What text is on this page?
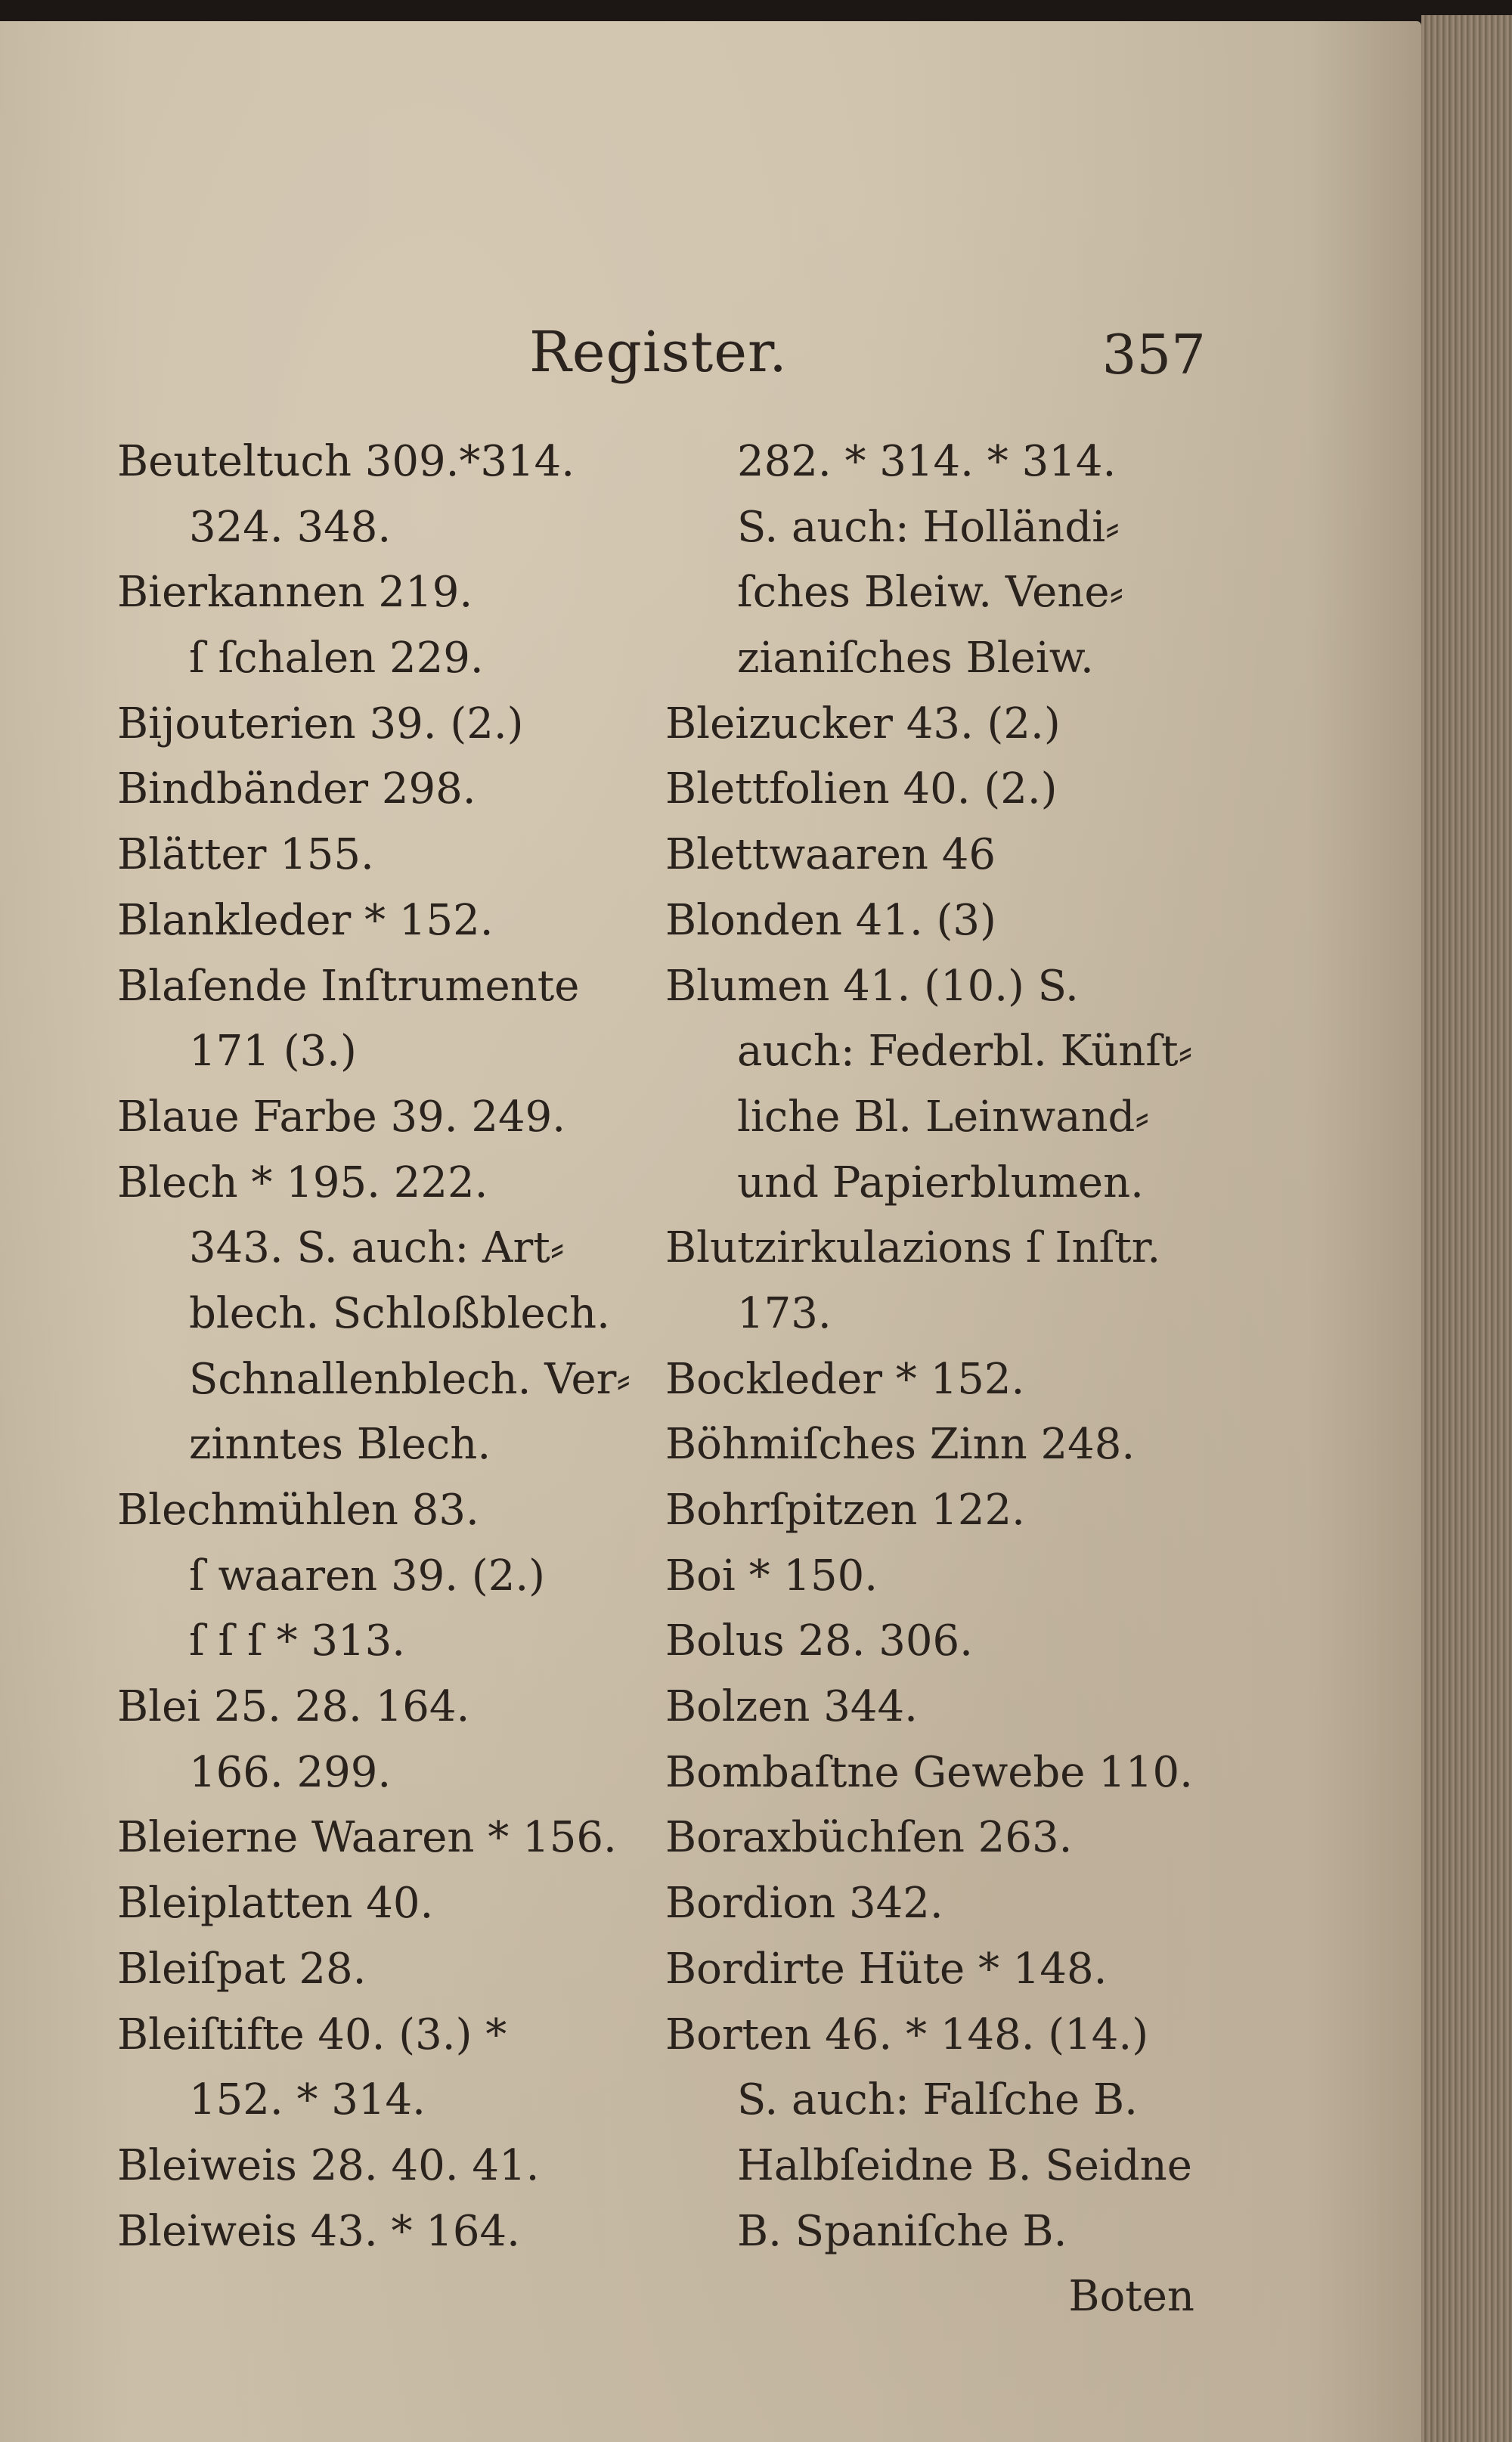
Register.	357
Beuteltuch 309.*314.
324. 348.
Bierkannen 219.
ſ ſchalen 229.
Bijouterien 39. (2.)
Bindbänder 298.
Blätter 155.
Blankleder * 152.
Blaſende Inſtrumente
171 (3.)
Blaue Farbe 39. 249.
Blech * 195. 222.
343. S. auch: Art⸗
blech. Schloßblech.
Schnallenblech. Ver⸗
zinntes Blech.
Blechmühlen 83.
ſ waaren 39. (2.)
ſ ſ ſ * 313.
Blei 25. 28. 164.
166. 299.
Bleierne Waaren * 156.
Bleiplatten 40.
Bleiſpat 28.
Bleiſtifte 40. (3.) *
152. * 314.
Bleiweis 28. 40. 41.
Bleiweis 43. * 164.
282. * 314. * 314.
S. auch: Holländi⸗
ſches Bleiw. Vene⸗
zianiſches Bleiw.
Bleizucker 43. (2.)
Blettfolien 40. (2.)
Blettwaaren 46
Blonden 41. (3)
Blumen 41. (10.) S.
auch: Federbl. Künſt⸗
liche Bl. Leinwand⸗
und Papierblumen.
Blutzirkulazions ſ Inſtr.
173.
Bockleder * 152.
Böhmiſches Zinn 248.
Bohrſpitzen 122.
Boi * 150.
Bolus 28. 306.
Bolzen 344.
Bombaſtne Gewebe 110.
Boraxbüchſen 263.
Bordion 342.
Bordirte Hüte * 148.
Borten 46. * 148. (14.)
S. auch: Falſche B.
Halbſeidne B. Seidne
B. Spaniſche B.
Boten
